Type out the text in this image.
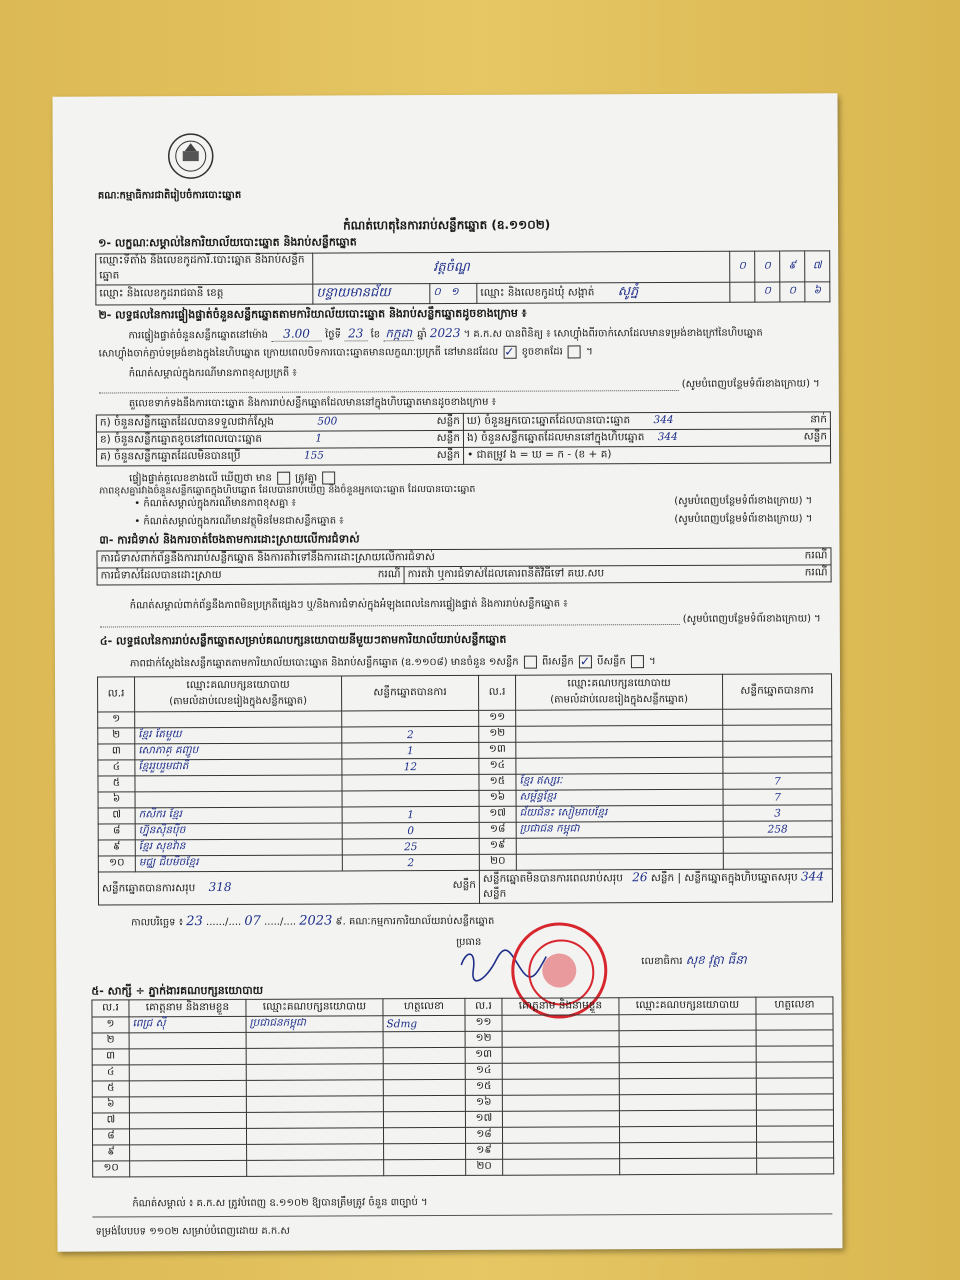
គណៈកម្មាធិការជាតិរៀបចំការបោះឆ្នោត
កំណត់ហេតុនៃការរាប់សន្លឹកឆ្នោត (ឧ.១១០២)
១- លក្ខណៈសម្គាល់នៃការិយាល័យបោះឆ្នោត និងរាប់សន្លឹកឆ្នោត
ឈ្មោះទីតាំង និងលេខកូដការិ.បោះឆ្នោត និងរាប់សន្លឹកឆ្នោត	វត្តចំណ្ឌ			០	០	៩	៧
ឈ្មោះ និងលេខកូដរាជធានី ខេត្ត	បន្ទាយមានជ័យ	០ ១	ឈ្មោះ និងលេខកូដឃុំ សង្កាត់ សូភ្នំ		០	០	៦
២- លទ្ធផលនៃការផ្ទៀងផ្ទាត់ចំនួនសន្លឹកឆ្នោតតាមការិយាល័យបោះឆ្នោត និងរាប់សន្លឹកឆ្នោតដូចខាងក្រោម ៖
ការផ្ទៀងផ្ទាត់ចំនួនសន្លឹកឆ្នោតនៅម៉ោង 3.00 ថ្ងៃទី 23 ខែ កក្កដា ឆ្នាំ 2023 ។ គ.ក.ស បានពិនិត្យ ៖ សោហ្វ៉ាំងពីរចាក់សោដែលមានទម្រង់ខាងក្រៅនៃហិបឆ្នោត
សោហ្វ៉ាំងចាក់ភ្ជាប់ទម្រង់ខាងក្នុងនៃហិបឆ្នោត ក្រោយពេលបិទការបោះឆ្នោតមានលក្ខណៈប្រក្រតី នៅមានដដែល ✓ ខូចខាតដែរ  ។
កំណត់សម្គាល់ក្នុងករណីមានភាពខុសប្រក្រតី ៖
(សូមបំពេញបន្ថែមទំព័រខាងក្រោយ) ។
តួលេខទាក់ទងនឹងការបោះឆ្នោត និងការរាប់សន្លឹកឆ្នោតដែលមាននៅក្នុងហិបឆ្នោតមានដូចខាងក្រោម ៖
ក) ចំនួនសន្លឹកឆ្នោតដែលបានទទួលជាក់ស្តែង 500 សន្លឹក	ឃ) ចំនួនអ្នកបោះឆ្នោតដែលបានបោះឆ្នោត 344 នាក់

ខ) ចំនួនសន្លឹកឆ្នោតខូចនៅពេលបោះឆ្នោត 1 សន្លឹក	ង) ចំនួនសន្លឹកឆ្នោតដែលមាននៅក្នុងហិបឆ្នោត 344 សន្លឹក

គ) ចំនួនសន្លឹកឆ្នោតដែលមិនបានប្រើ 155 សន្លឹក	• ជាតម្រូវ ង = ឃ = ក - (ខ + គ)
ផ្ទៀងផ្ទាត់តួលេខខាងលើ ឃើញថា មាន ត្រូវគ្នា
ភាពខុសគ្នារវាងចំនួនសន្លឹកឆ្នោតក្នុងហិបឆ្នោត ដែលបានរាប់ឃើញ និងចំនួនអ្នកបោះឆ្នោត ដែលបានបោះឆ្នោត
• កំណត់សម្គាល់ក្នុងករណីមានភាពខុសគ្នា ៖	(សូមបំពេញបន្ថែមទំព័រខាងក្រោយ) ។
• កំណត់សម្គាល់ក្នុងករណីមានវត្ថុមិនមែនជាសន្លឹកឆ្នោត ៖	(សូមបំពេញបន្ថែមទំព័រខាងក្រោយ) ។
៣- ការជំទាស់ និងការចាត់ចែងតាមការដោះស្រាយលើការជំទាស់
ការជំទាស់ពាក់ព័ន្ធនឹងការរាប់សន្លឹកឆ្នោត និងការតវ៉ាទៅនឹងការដោះស្រាយលើការជំទាស់	ករណី

ការជំទាស់ដែលបានដោះស្រាយ	ករណី	ការតវ៉ា ឬការជំទាស់ដែលគោរពនីតិវិធីទៅ គឃ.សប	ករណី
កំណត់សម្គាល់ពាក់ព័ន្ធនឹងភាពមិនប្រក្រតីផ្សេងៗ ឬ/និងការជំទាស់ក្នុងអំឡុងពេលនៃការផ្ទៀងផ្ទាត់ និងការរាប់សន្លឹកឆ្នោត ៖
(សូមបំពេញបន្ថែមទំព័រខាងក្រោយ) ។
៤- លទ្ធផលនៃការរាប់សន្លឹកឆ្នោតសម្រាប់គណបក្សនយោបាយនីមួយៗតាមការិយាល័យរាប់សន្លឹកឆ្នោត
ភាពជាក់ស្តែងនៃសន្លឹកឆ្នោតតាមការិយាល័យបោះឆ្នោត និងរាប់សន្លឹកឆ្នោត (ឧ.១១០៨) មានចំនួន ១សន្លឹក ពីរសន្លឹក ✓ បីសន្លឹក  ។
ល.រ	ឈ្មោះគណបក្សនយោបាយ
(តាមលំដាប់លេខរៀងក្នុងសន្លឹកឆ្នោត)	សន្លឹកឆ្នោតបានការ	ល.រ	ឈ្មោះគណបក្សនយោបាយ
(តាមលំដាប់លេខរៀងក្នុងសន្លឹកឆ្នោត)	សន្លឹកឆ្នោតបានការ
១			១១		
២	ខ្មែរ តែមួយ	2	១២		
៣	សោភាគ្ គញ្ជូប	1	១៣		
៤	ខ្មែររួបរួមជាតិ	12	១៤		
៥			១៥	ខ្មែរ ឥស្សរៈ	7
៦			១៦	សម្ព័ន្ធខ្មែរ	7
៧	កសិករ ខ្មែរ	1	១៧	ជ័យជំនះ សៀមរាបខ្មែរ	3
៨	ហ្វ៊ុនស៊ិនប៉ិច	0	១៨	ប្រជាជន កម្ពុជា	258
៩	ខ្មែរ សុខវ៉ាន	25	១៩		
១០	មជ្ឈ ជិបមិចខ្មែរ	2	២០		
សន្លឹកឆ្នោតបានការសរុប 318 សន្លឹក			សន្លឹកឆ្នោតមិនបានការពេលរាប់សរុប 26 សន្លឹក | សន្លឹកឆ្នោតក្នុងហិបឆ្នោតសរុប 344 សន្លឹក		
កាលបរិច្ឆេទ ៖ 23 ....../.... 07 ...../.... 2023 ៩. គណៈកម្មការការិយាល័យរាប់សន្លឹកឆ្នោត
ប្រធាន
លេខាធិការ សុខ វុត្ថា ធីនា
៥- សាក្សី ÷ ភ្នាក់ងារគណបក្សនយោបាយ
ល.រ	គោត្តនាម និងនាមខ្លួន	ឈ្មោះគណបក្សនយោបាយ	ហត្ថលេខា	ល.រ	គោត្តនាម និងនាមខ្លួន	ឈ្មោះគណបក្សនយោបាយ	ហត្ថលេខា
១	ពេជ្រ ស៊ី	ប្រជាជនកម្ពុជា	Sdmg	១១			
២				១២			
៣				១៣			
៤				១៤			
៥				១៥			
៦				១៦			
៧				១៧			
៨				១៨			
៩				១៩			
១០				២០			
កំណត់សម្គាល់ ៖ គ.ក.ស ត្រូវបំពេញ ឧ.១១០២ ឱ្យបានត្រឹមត្រូវ ចំនួន ៣ច្បាប់ ។
ទម្រង់បែបបទ ១១០២ សម្រាប់បំពេញដោយ គ.ក.ស
